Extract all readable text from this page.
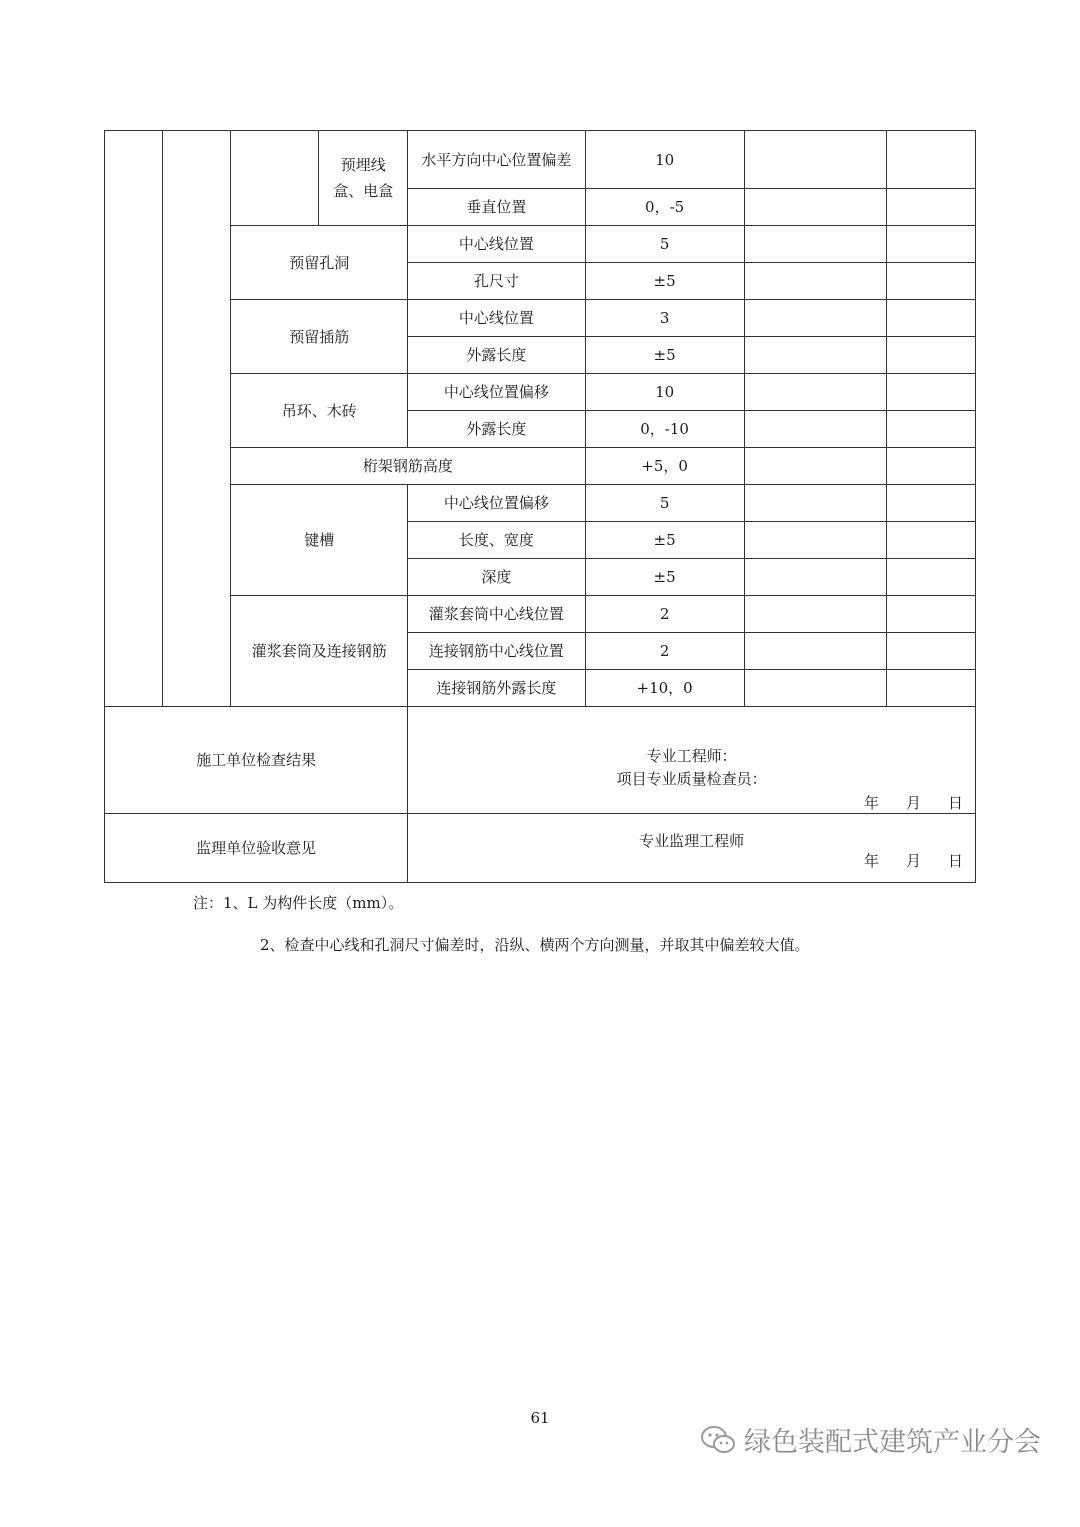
			预埋线盒、电盒	水平方向中心位置偏差	10		
				垂直位置	0，-5		
		预留孔洞		中心线位置	5		
				孔尺寸	±5		
		预留插筋		中心线位置	3		
				外露长度	±5		
		吊环、木砖		中心线位置偏移	10		
				外露长度	0，-10		
		桁架钢筋高度			+5，0		
		键槽		中心线位置偏移	5		
				长度、宽度	±5		
				深度	±5		
		灌浆套筒及连接钢筋		灌浆套筒中心线位置	2		
				连接钢筋中心线位置	2		
				连接钢筋外露长度	+10，0		
施工单位检查结果				专业工程师：
项目专业质量检查员：
年 月 日			

监理单位验收意见				专业监理工程师
年 月 日			
注：1、L 为构件长度（mm）。
2、检查中心线和孔洞尺寸偏差时，沿纵、横两个方向测量，并取其中偏差较大值。
61
绿色装配式建筑产业分会
